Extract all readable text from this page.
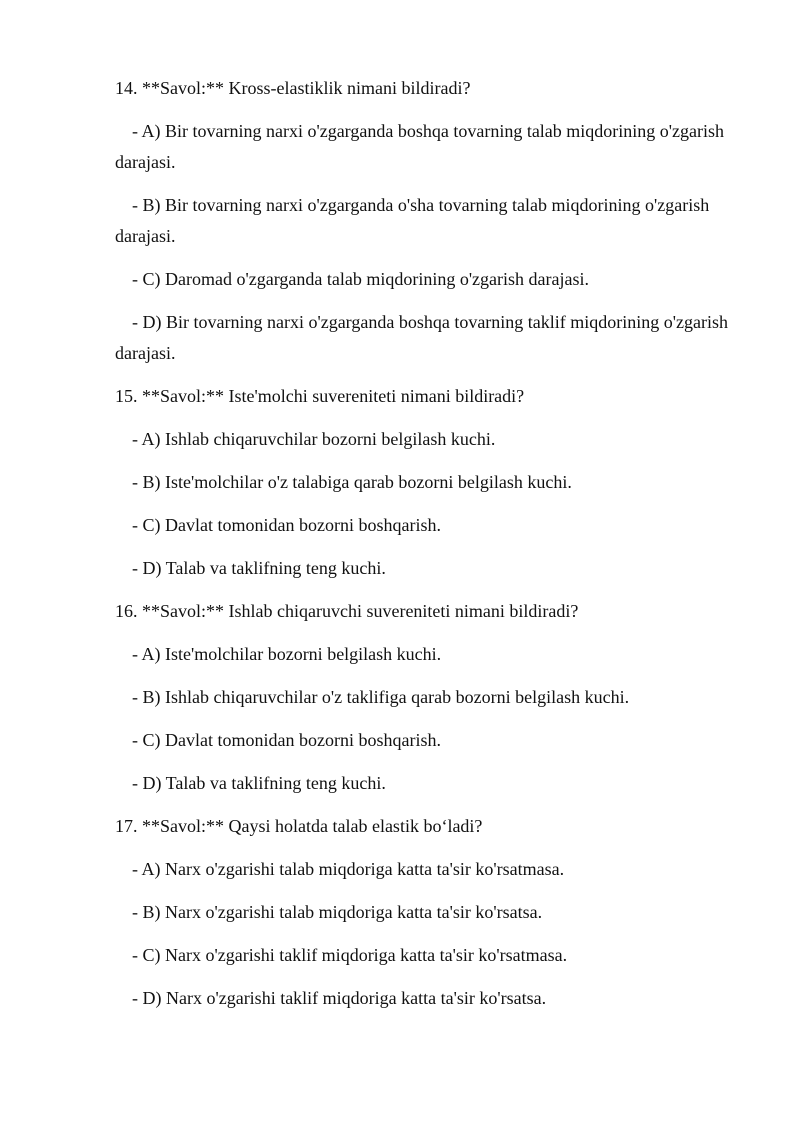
14. **Savol:** Kross-elastiklik nimani bildiradi?

- A) Bir tovarning narxi o'zgarganda boshqa tovarning talab miqdorining o'zgarish darajasi.

- B) Bir tovarning narxi o'zgarganda o'sha tovarning talab miqdorining o'zgarish darajasi.

- C) Daromad o'zgarganda talab miqdorining o'zgarish darajasi.

- D) Bir tovarning narxi o'zgarganda boshqa tovarning taklif miqdorining o'zgarish darajasi.

15. **Savol:** Iste'molchi suvereniteti nimani bildiradi?

- A) Ishlab chiqaruvchilar bozorni belgilash kuchi.

- B) Iste'molchilar o'z talabiga qarab bozorni belgilash kuchi.

- C) Davlat tomonidan bozorni boshqarish.

- D) Talab va taklifning teng kuchi.

16. **Savol:** Ishlab chiqaruvchi suvereniteti nimani bildiradi?

- A) Iste'molchilar bozorni belgilash kuchi.

- B) Ishlab chiqaruvchilar o'z taklifiga qarab bozorni belgilash kuchi.

- C) Davlat tomonidan bozorni boshqarish.

- D) Talab va taklifning teng kuchi.

17. **Savol:** Qaysi holatda talab elastik bo‘ladi?

- A) Narx o'zgarishi talab miqdoriga katta ta'sir ko'rsatmasa.

- B) Narx o'zgarishi talab miqdoriga katta ta'sir ko'rsatsa.

- C) Narx o'zgarishi taklif miqdoriga katta ta'sir ko'rsatmasa.

- D) Narx o'zgarishi taklif miqdoriga katta ta'sir ko'rsatsa.
